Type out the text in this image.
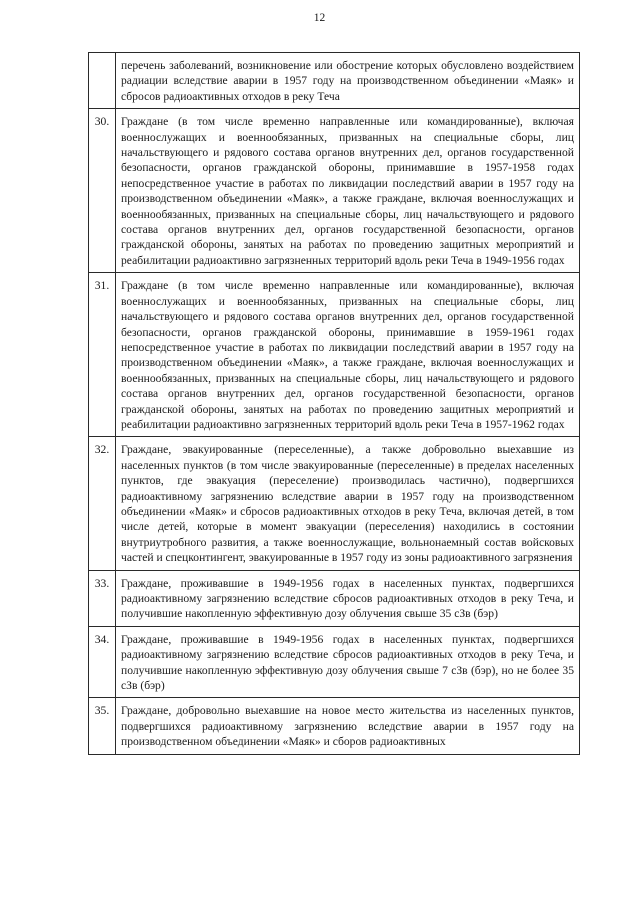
12
	перечень заболеваний, возникновение или обострение которых обусловлено воздействием радиации вследствие аварии в 1957 году на производственном объединении «Маяк» и сбросов радиоактивных отходов в реку Теча
30.	Граждане (в том числе временно направленные или командированные), включая военнослужащих и военнообязанных, призванных на специальные сборы, лиц начальствующего и рядового состава органов внутренних дел, органов государственной безопасности, органов гражданской обороны, принимавшие в 1957-1958 годах непосредственное участие в работах по ликвидации последствий аварии в 1957 году на производственном объединении «Маяк», а также граждане, включая военнослужащих и военнообязанных, призванных на специальные сборы, лиц начальствующего и рядового состава органов внутренних дел, органов государственной безопасности, органов гражданской обороны, занятых на работах по проведению защитных мероприятий и реабилитации радиоактивно загрязненных территорий вдоль реки Теча в 1949-1956 годах
31.	Граждане (в том числе временно направленные или командированные), включая военнослужащих и военнообязанных, призванных на специальные сборы, лиц начальствующего и рядового состава органов внутренних дел, органов государственной безопасности, органов гражданской обороны, принимавшие в 1959-1961 годах непосредственное участие в работах по ликвидации последствий аварии в 1957 году на производственном объединении «Маяк», а также граждане, включая военнослужащих и военнообязанных, призванных на специальные сборы, лиц начальствующего и рядового состава органов внутренних дел, органов государственной безопасности, органов гражданской обороны, занятых на работах по проведению защитных мероприятий и реабилитации радиоактивно загрязненных территорий вдоль реки Теча в 1957-1962 годах
32.	Граждане, эвакуированные (переселенные), а также добровольно выехавшие из населенных пунктов (в том числе эвакуированные (переселенные) в пределах населенных пунктов, где эвакуация (переселение) производилась частично), подвергшихся радиоактивному загрязнению вследствие аварии в 1957 году на производственном объединении «Маяк» и сбросов радиоактивных отходов в реку Теча, включая детей, в том числе детей, которые в момент эвакуации (переселения) находились в состоянии внутриутробного развития, а также военнослужащие, вольнонаемный состав войсковых частей и спецконтингент, эвакуированные в 1957 году из зоны радиоактивного загрязнения
33.	Граждане, проживавшие в 1949-1956 годах в населенных пунктах, подвергшихся радиоактивному загрязнению вследствие сбросов радиоактивных отходов в реку Теча, и получившие накопленную эффективную дозу облучения свыше 35 сЗв (бэр)
34.	Граждане, проживавшие в 1949-1956 годах в населенных пунктах, подвергшихся радиоактивному загрязнению вследствие сбросов радиоактивных отходов в реку Теча, и получившие накопленную эффективную дозу облучения свыше 7 сЗв (бэр), но не более 35 сЗв (бэр)
35.	Граждане, добровольно выехавшие на новое место жительства из населенных пунктов, подвергшихся радиоактивному загрязнению вследствие аварии в 1957 году на производственном объединении «Маяк» и сборов радиоактивных
